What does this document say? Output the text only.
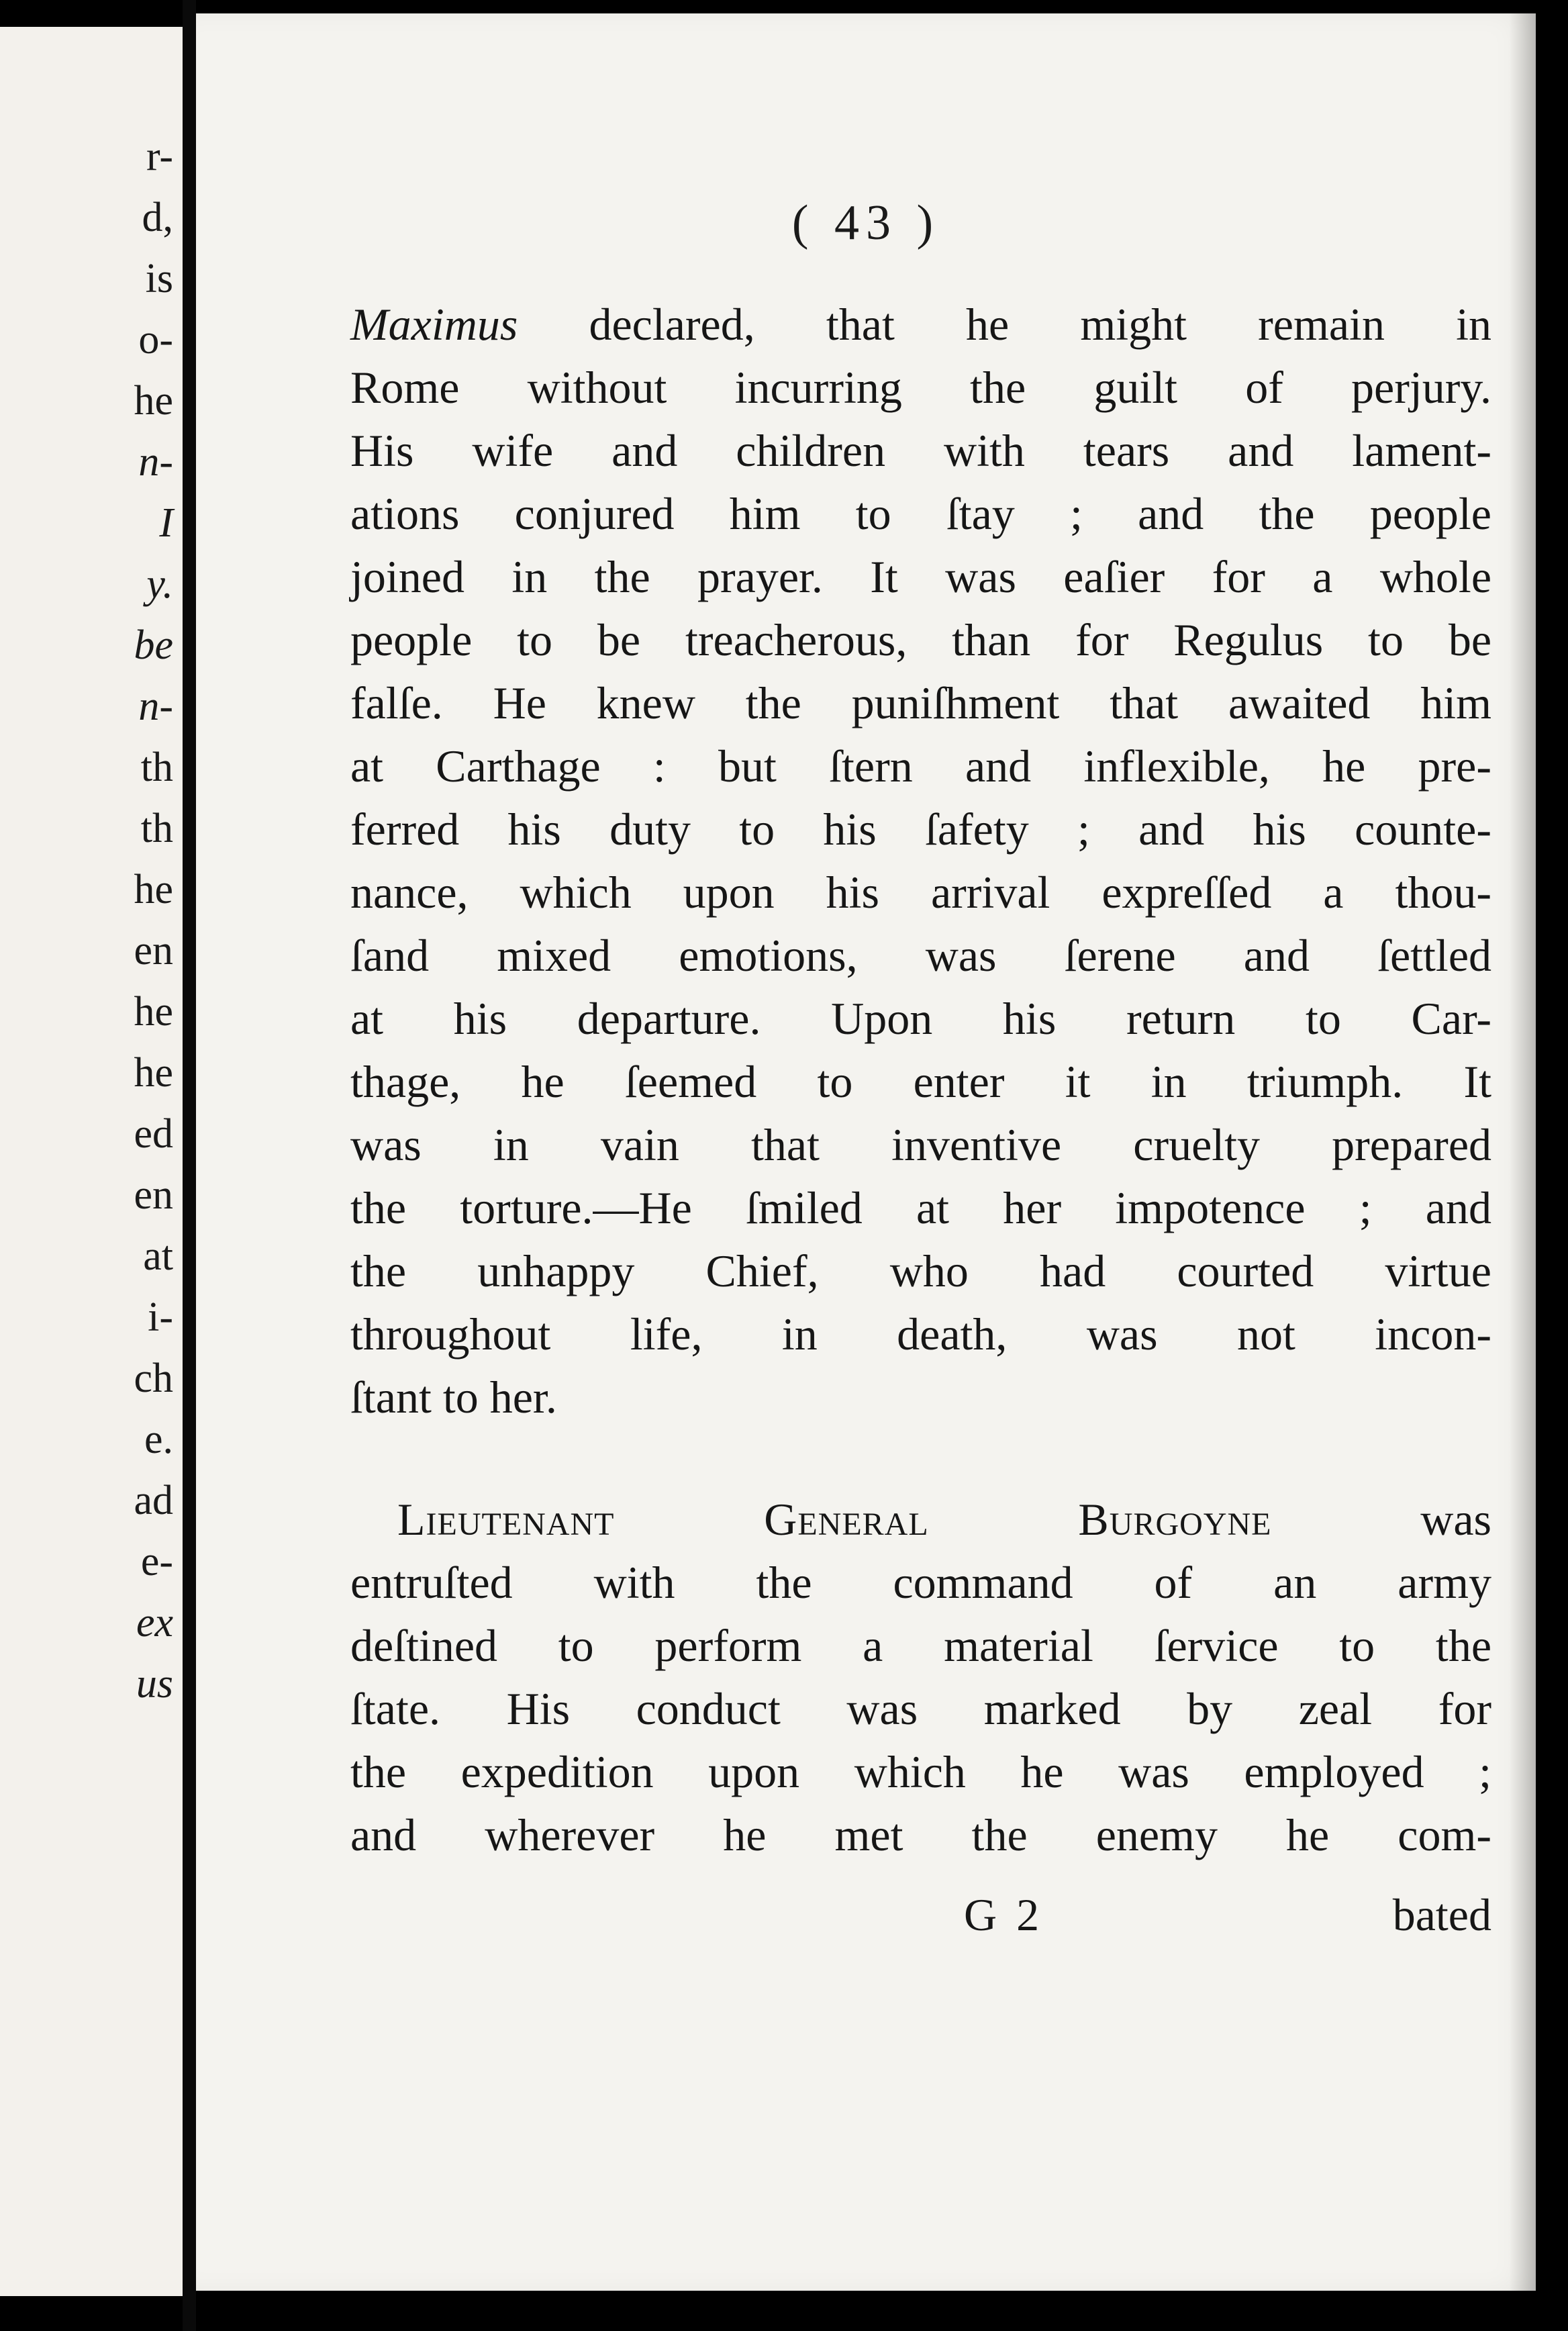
r-
d,
is
o-
he
n-
I
y.
be
n-
th
th
he
en
he
he
ed
en
at
i-
ch
e.
ad
e-
ex
us
( 43 )
Maximus declared, that he might remain in
Rome without incurring the guilt of perjury.
His wife and children with tears and lament-
ations conjured him to ſtay ; and the people
joined in the prayer. It was eaſier for a whole
people to be treacherous, than for Regulus to be
falſe. He knew the puniſhment that awaited him
at Carthage : but ſtern and inflexible, he pre-
ferred his duty to his ſafety ; and his counte-
nance, which upon his arrival expreſſed a thou-
ſand mixed emotions, was ſerene and ſettled
at his departure. Upon his return to Car-
thage, he ſeemed to enter it in triumph. It
was in vain that inventive cruelty prepared
the torture.—He ſmiled at her impotence ; and
the unhappy Chief, who had courted virtue
throughout life, in death, was not incon-
ſtant to her.
Lieutenant General Burgoyne was
entruſted with the command of an army
deſtined to perform a material ſervice to the
ſtate. His conduct was marked by zeal for
the expedition upon which he was employed ;
and wherever he met the enemy he com-
G 2	bated
